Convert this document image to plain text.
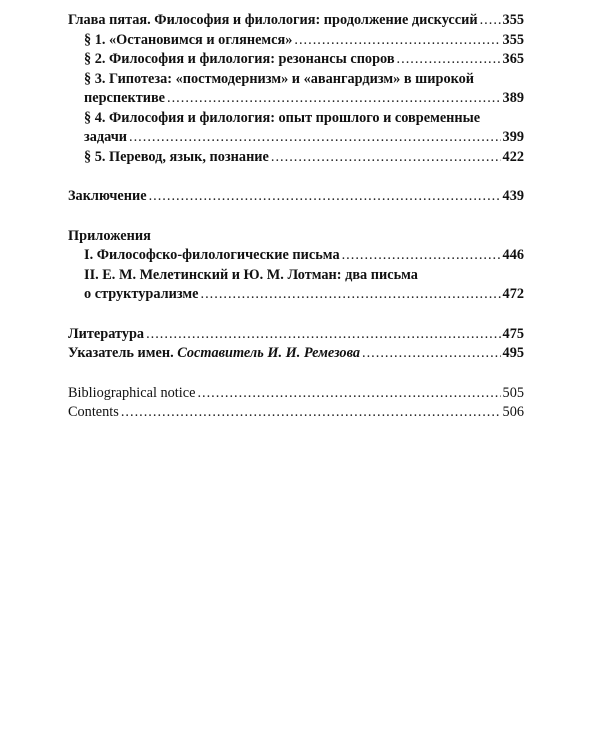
Глава пятая. Философия и филология: продолжение дискуссий ..... 355
§ 1. «Остановимся и оглянемся» .....	355
§ 2. Философия и филология: резонансы споров .....	365
§ 3. Гипотеза: «постмодернизм» и «авангардизм» в широкой
перспективе .....	389
§ 4. Философия и филология: опыт прошлого и современные
задачи .....	399
§ 5. Перевод, язык, познание .....	422
Заключение .....	439
Приложения
I. Философско-филологические письма .....	446
II. Е. М. Мелетинский и Ю. М. Лотман: два письма
о структурализме .....	472
Литература .....	475
Указатель имен. Составитель И. И. Ремезова .....	495
Bibliographical notice .....	505
Contents .....	506
